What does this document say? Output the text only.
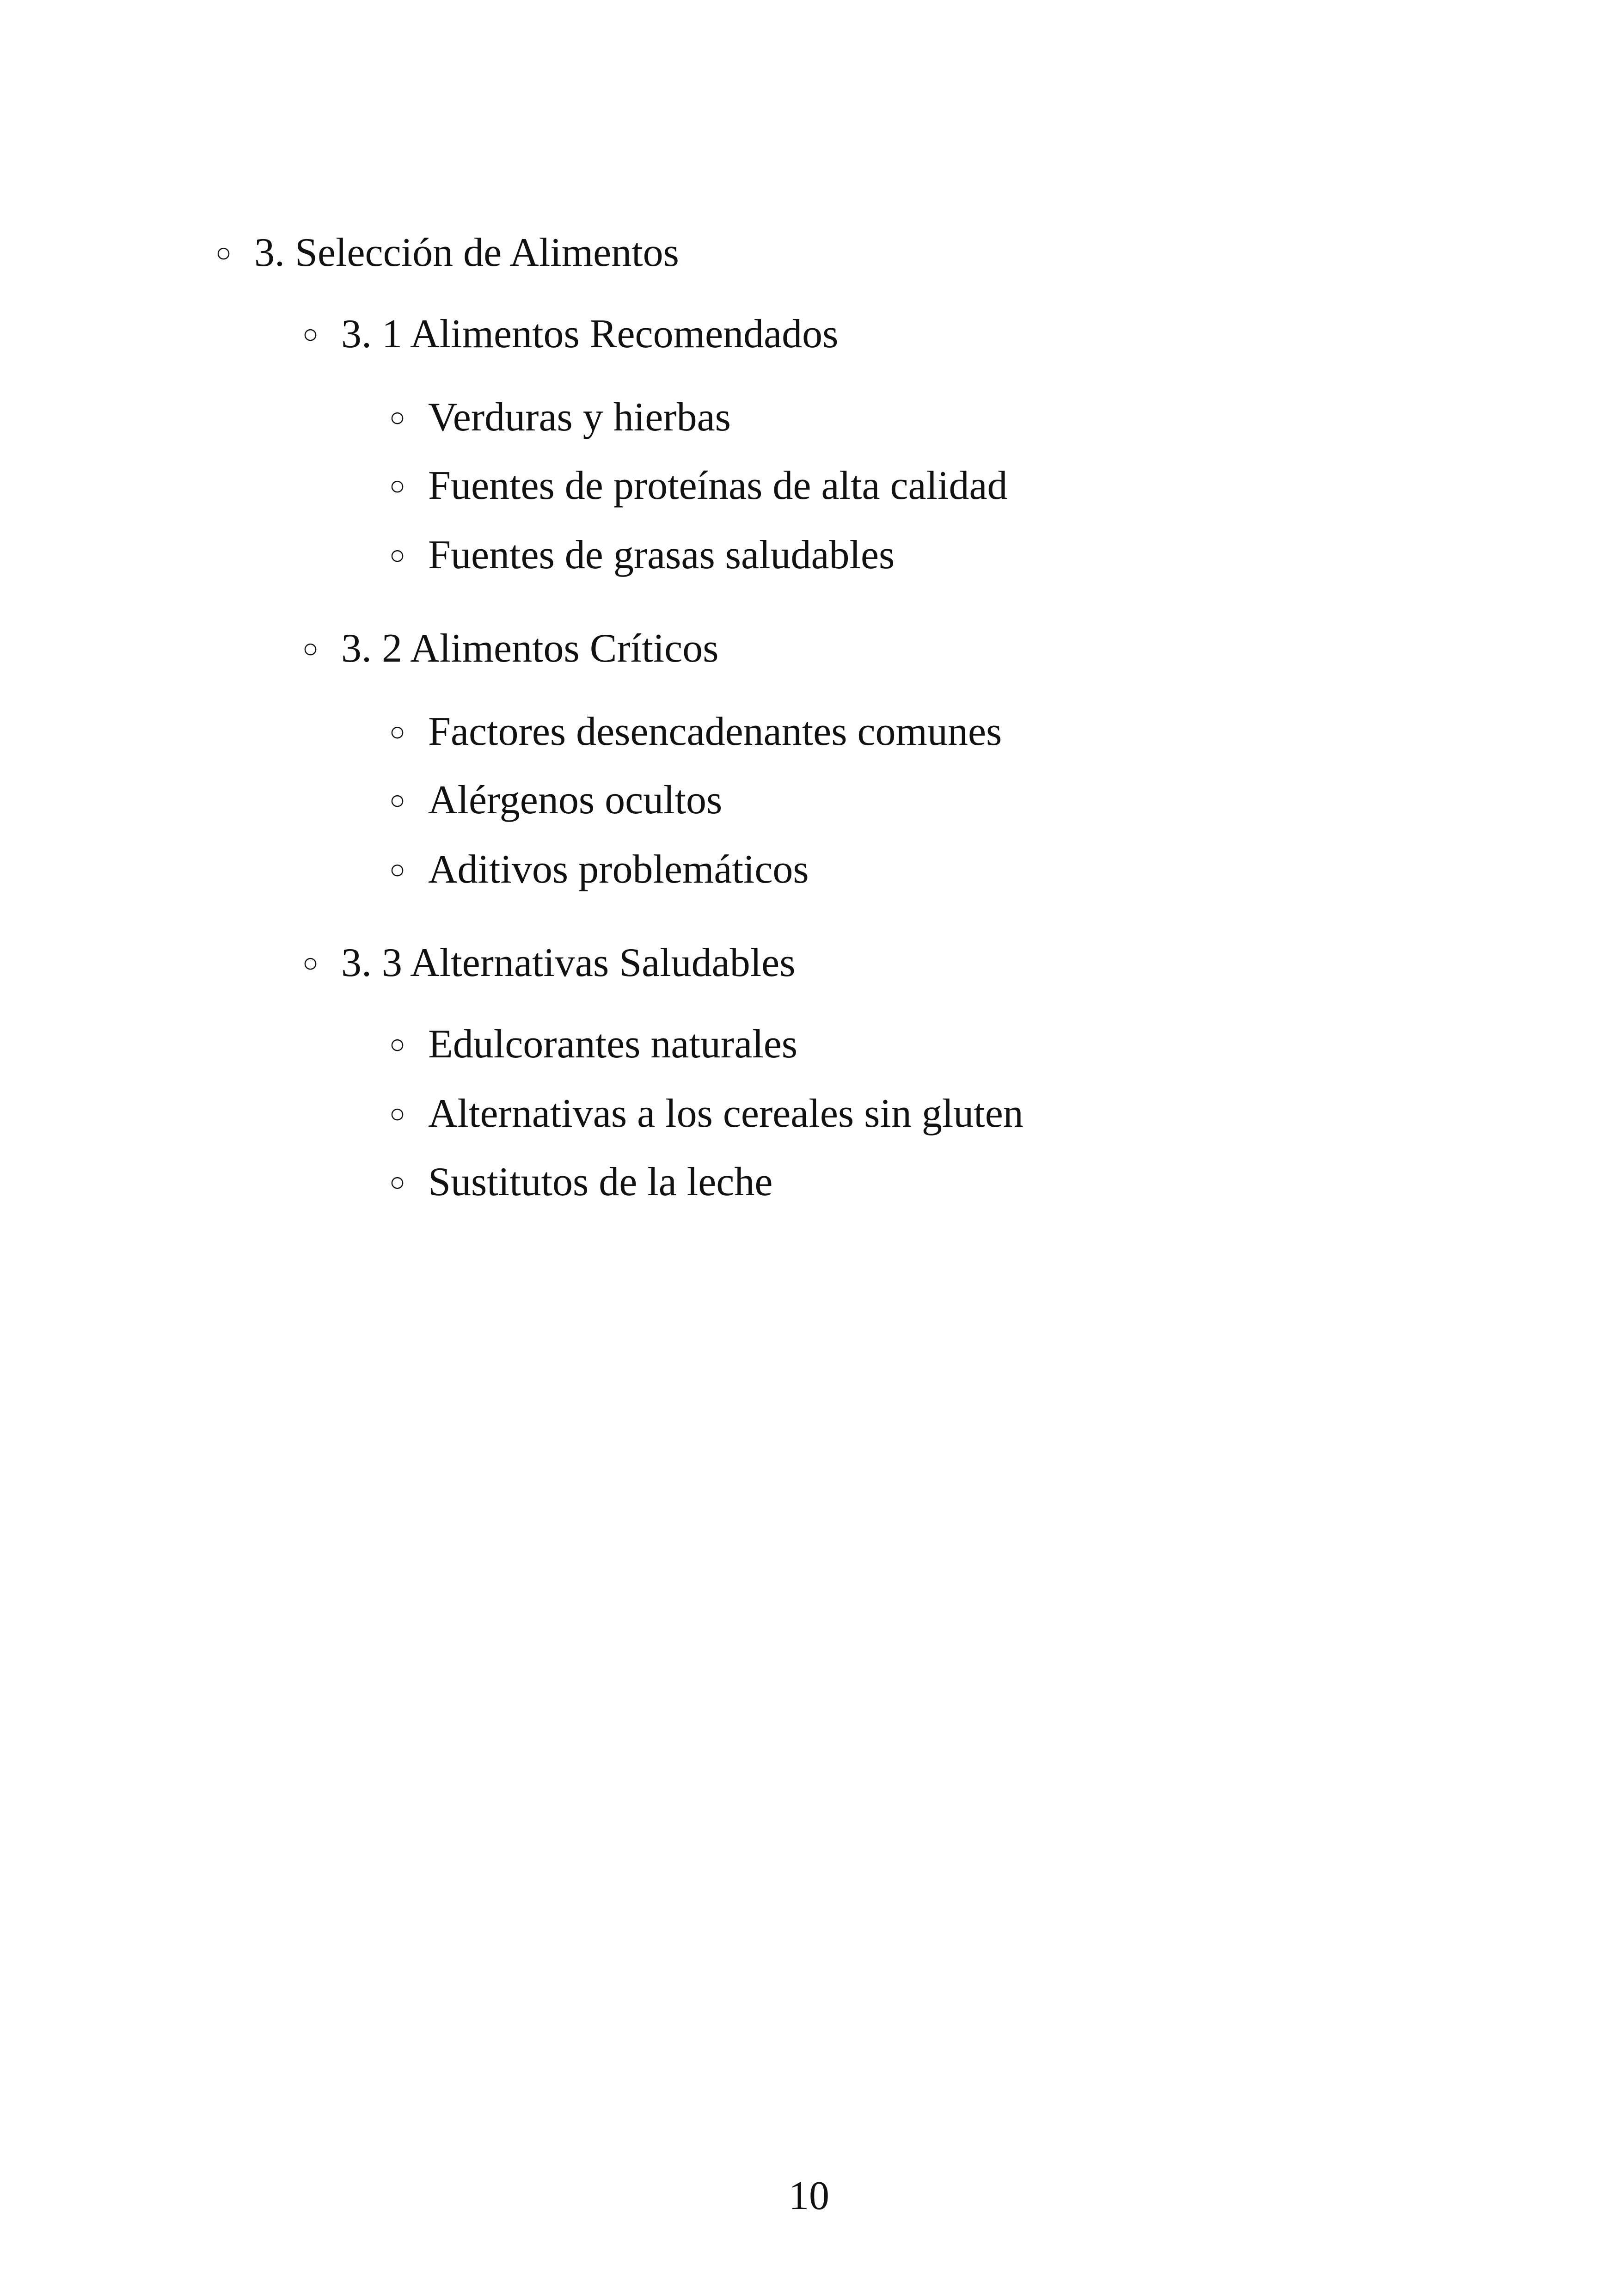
○ 3. Selección de Alimentos
○ 3. 1 Alimentos Recomendados
○ Verduras y hierbas
○ Fuentes de proteínas de alta calidad
○ Fuentes de grasas saludables
○ 3. 2 Alimentos Críticos
○ Factores desencadenantes comunes
○ Alérgenos ocultos
○ Aditivos problemáticos
○ 3. 3 Alternativas Saludables
○ Edulcorantes naturales
○ Alternativas a los cereales sin gluten
○ Sustitutos de la leche
10
